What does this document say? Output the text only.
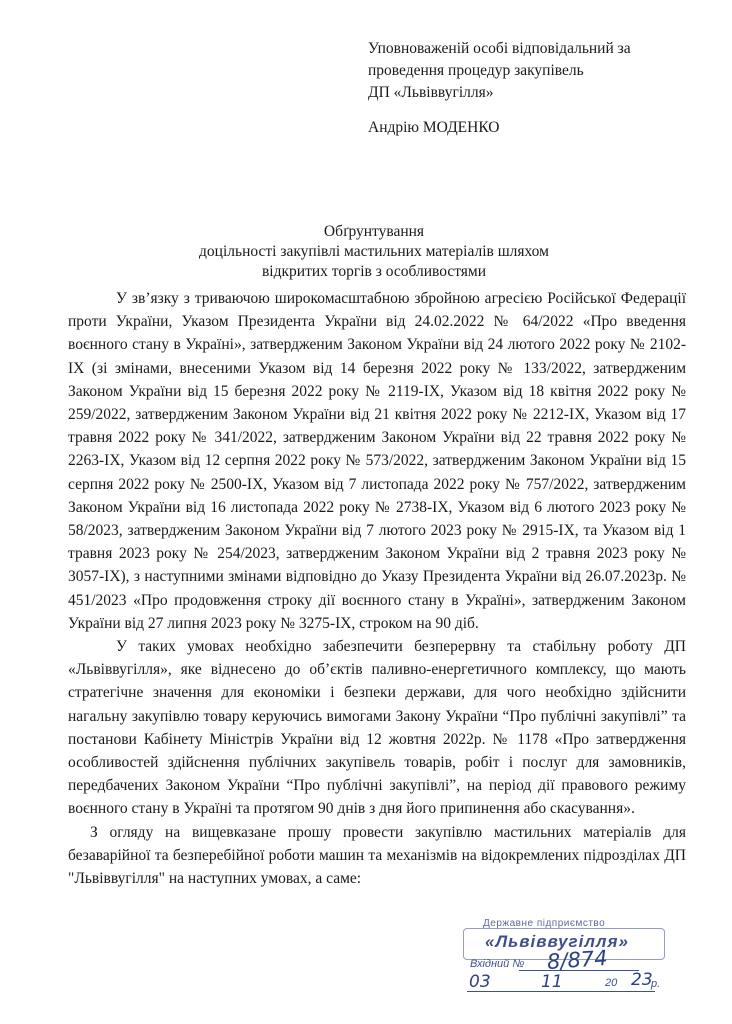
Уповноваженій особі відповідальний за
проведення процедур закупівель
ДП «Львіввугілля»
Андрію МОДЕНКО
Обґрунтування
доцільності закупівлі мастильних матеріалів шляхом
відкритих торгів з особливостями

У зв’язку з триваючою широкомасштабною збройною агресією Російської Федерації проти України, Указом Президента України від 24.02.2022 № 64/2022 «Про введення воєнного стану в Україні», затвердженим Законом України від 24 лютого 2022 року № 2102-IX (зі змінами, внесеними Указом від 14 березня 2022 року № 133/2022, затвердженим Законом України від 15 березня 2022 року № 2119-IX, Указом від 18 квітня 2022 року № 259/2022, затвердженим Законом України від 21 квітня 2022 року № 2212-IX, Указом від 17 травня 2022 року № 341/2022, затвердженим Законом України від 22 травня 2022 року № 2263-IX, Указом від 12 серпня 2022 року № 573/2022, затвердженим Законом України від 15 серпня 2022 року № 2500-IX, Указом від 7 листопада 2022 року № 757/2022, затвердженим Законом України від 16 листопада 2022 року № 2738-IX, Указом від 6 лютого 2023 року № 58/2023, затвердженим Законом України від 7 лютого 2023 року № 2915-IX, та Указом від 1 травня 2023 року № 254/2023, затвердженим Законом України від 2 травня 2023 року № 3057-IX), з наступними змінами відповідно до Указу Президента України від 26.07.2023р. № 451/2023 «Про продовження строку дії воєнного стану в Україні», затвердженим Законом України від 27 липня 2023 року № 3275-IX, строком на 90 діб.

У таких умовах необхідно забезпечити безперервну та стабільну роботу ДП «Львіввугілля», яке віднесено до об’єктів паливно-енергетичного комплексу, що мають стратегічне значення для економіки і безпеки держави, для чого необхідно здійснити нагальну закупівлю товару керуючись вимогами Закону України “Про публічні закупівлі” та постанови Кабінету Міністрів України від 12 жовтня 2022р. № 1178 «Про затвердження особливостей здійснення публічних закупівель товарів, робіт і послуг для замовників, передбачених Законом України “Про публічні закупівлі”, на період дії правового режиму воєнного стану в Україні та протягом 90 днів з дня його припинення або скасування».

З огляду на вищевказане прошу провести закупівлю мастильних матеріалів для безаварійної та безперебійної роботи машин та механізмів на відокремлених підрозділах ДП "Львіввугілля" на наступних умовах, а саме:

Державне підприємство
«Львіввугілля»
Вхідний № 8/874
03	11	20 23
р.
